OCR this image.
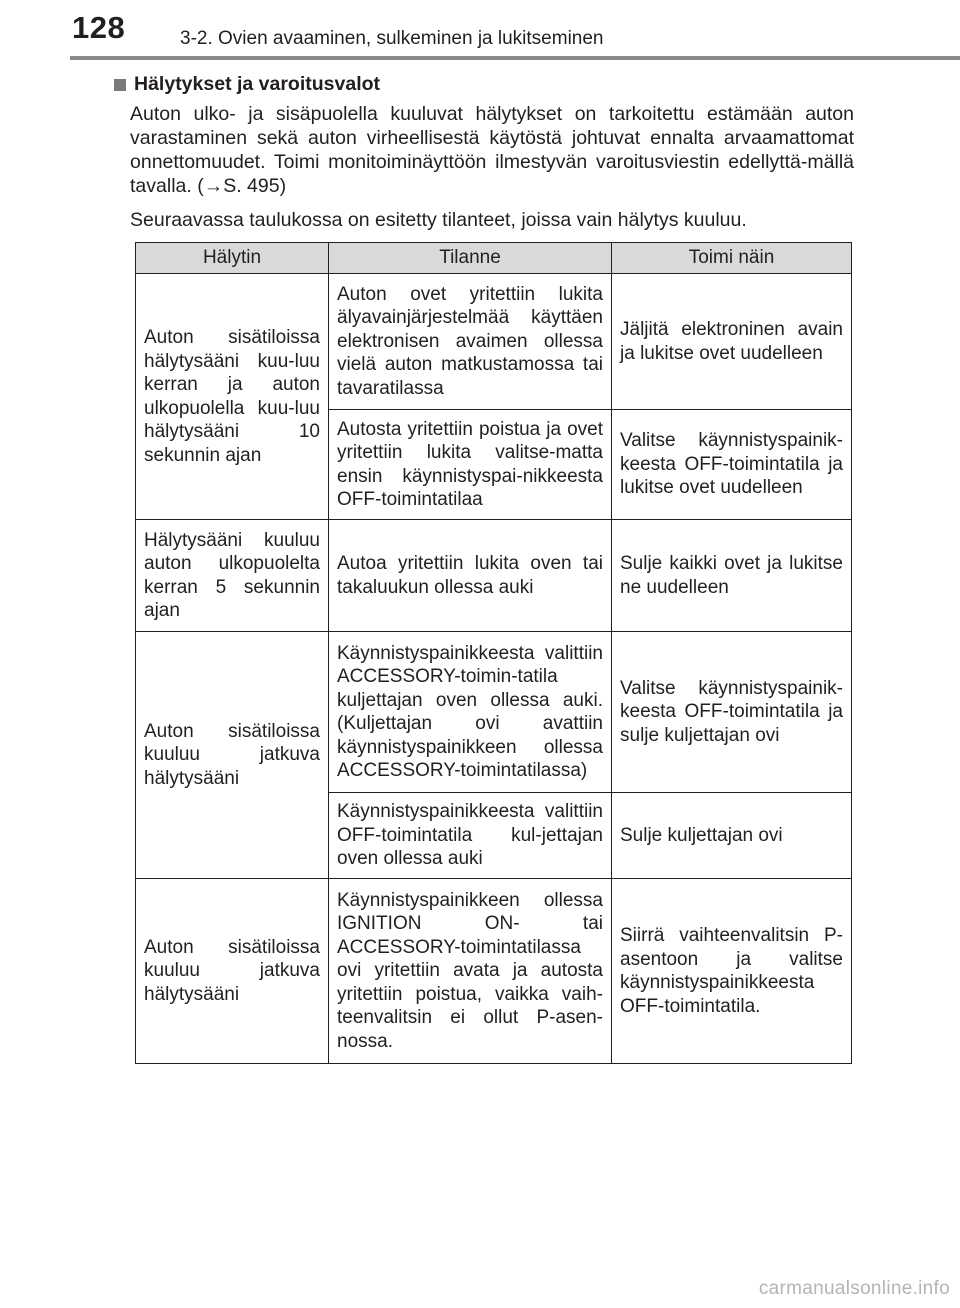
128	3-2. Ovien avaaminen, sulkeminen ja lukitseminen
Hälytykset ja varoitusvalot

Auton ulko- ja sisäpuolella kuuluvat hälytykset on tarkoitettu estämään auton varastaminen sekä auton virheellisestä käytöstä johtuvat ennalta arvaamattomat onnettomuudet. Toimi monitoiminäyttöön ilmestyvän varoitusviestin edellyttä-mällä tavalla. (→S. 495)

Seuraavassa taulukossa on esitetty tilanteet, joissa vain hälytys kuuluu.

Hälytin	Tilanne	Toimi näin
Auton sisätiloissa hälytysääni kuu-luu kerran ja auton ulkopuolella kuu-luu hälytysääni 10 sekunnin ajan	Auton ovet yritettiin lukita älyavainjärjestelmää käyttäen elektronisen avaimen ollessa vielä auton matkustamossa tai tavaratilassa	Jäljitä elektroninen avain ja lukitse ovet uudelleen
	Autosta yritettiin poistua ja ovet yritettiin lukita valitse-matta ensin käynnistyspai-nikkeesta OFF-toimintatilaa	Valitse käynnistyspainik-keesta OFF-toimintatila ja lukitse ovet uudelleen
Hälytysääni kuuluu auton ulkopuolelta kerran 5 sekunnin ajan	Autoa yritettiin lukita oven tai takaluukun ollessa auki	Sulje kaikki ovet ja lukitse ne uudelleen
Auton sisätiloissa kuuluu jatkuva hälytysääni	Käynnistyspainikkeesta valittiin ACCESSORY-toimin-tatila kuljettajan oven ollessa auki. (Kuljettajan ovi avattiin käynnistyspainikkeen ollessa ACCESSORY-toimintatilassa)	Valitse käynnistyspainik-keesta OFF-toimintatila ja sulje kuljettajan ovi
	Käynnistyspainikkeesta valittiin OFF-toimintatila kul-jettajan oven ollessa auki	Sulje kuljettajan ovi
Auton sisätiloissa kuuluu jatkuva hälytysääni	Käynnistyspainikkeen ollessa IGNITION ON- tai ACCESSORY-toimintatilassa ovi yritettiin avata ja autosta yritettiin poistua, vaikka vaih-teenvalitsin ei ollut P-asen-nossa.	Siirrä vaihteenvalitsin P-asentoon ja valitse käynnistyspainikkeesta OFF-toimintatila.
carmanualsonline.info
